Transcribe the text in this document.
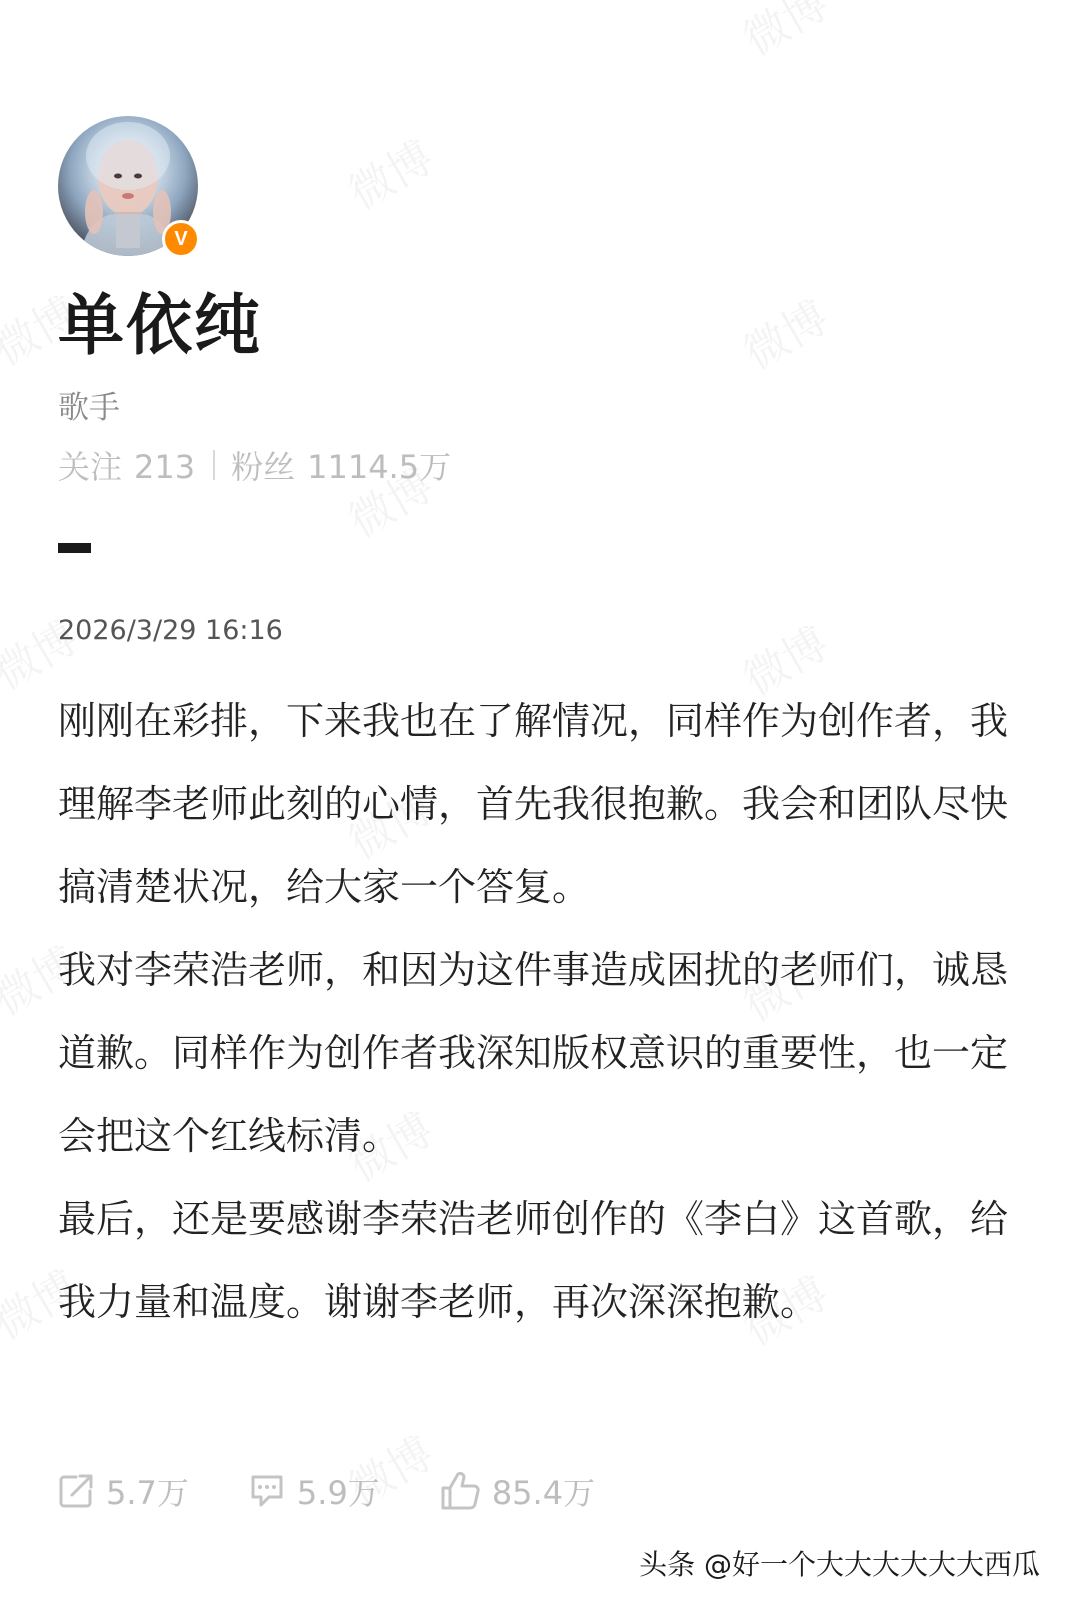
V
单依纯
歌手
关注 213 粉丝 1114.5万
2026/3/29 16:16

刚刚在彩排，下来我也在了解情况，同样作为创作者，我理解李老师此刻的心情，首先我很抱歉。我会和团队尽快搞清楚状况，给大家一个答复。

我对李荣浩老师，和因为这件事造成困扰的老师们，诚恳道歉。同样作为创作者我深知版权意识的重要性，也一定会把这个红线标清。

最后，还是要感谢李荣浩老师创作的《李白》这首歌，给我力量和温度。谢谢李老师，再次深深抱歉。

5.7万	5.9万	85.4万
头条 @好一个大大大大大大西瓜
